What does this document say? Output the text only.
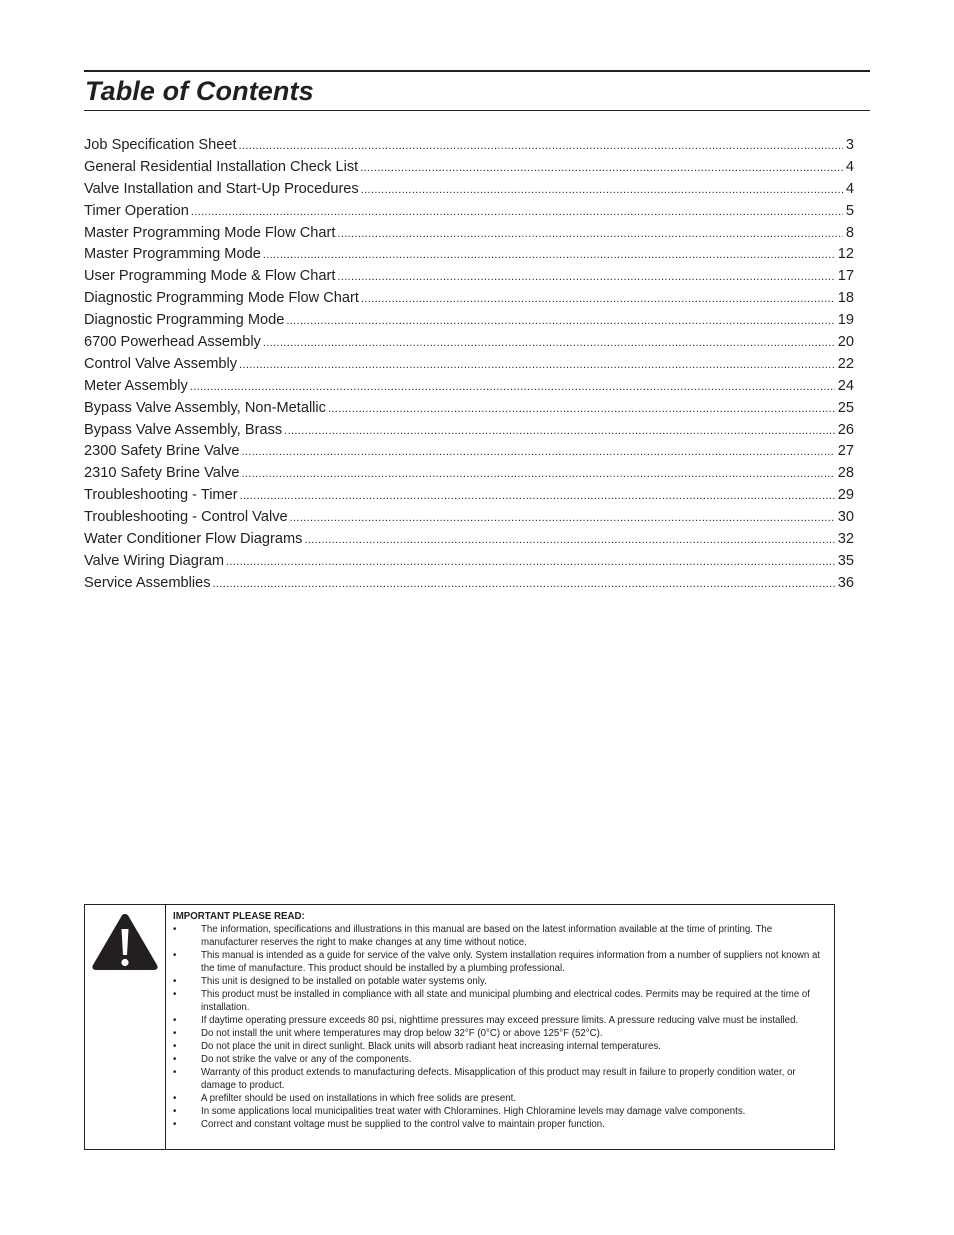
Table of Contents
Job Specification Sheet .....	3
General Residential Installation Check List .....	4
Valve Installation and Start-Up Procedures .....	4
Timer Operation .....	5
Master Programming Mode Flow Chart .....	8
Master Programming Mode .....	12
User Programming Mode & Flow Chart .....	17
Diagnostic Programming Mode Flow Chart .....	18
Diagnostic Programming Mode .....	19
6700 Powerhead Assembly .....	20
Control Valve Assembly .....	22
Meter Assembly .....	24
Bypass Valve Assembly, Non-Metallic .....	25
Bypass Valve Assembly, Brass .....	26
2300 Safety Brine Valve .....	27
2310 Safety Brine Valve .....	28
Troubleshooting - Timer .....	29
Troubleshooting - Control Valve .....	30
Water Conditioner Flow Diagrams .....	32
Valve Wiring Diagram .....	35
Service Assemblies .....	36
IMPORTANT PLEASE READ:
•	The information, specifications and illustrations in this manual are based on the latest information available at the time of printing. The manufacturer reserves the right to make changes at any time without notice.
•	This manual is intended as a guide for service of the valve only. System installation requires information from a number of suppliers not known at the time of manufacture. This product should be installed by a plumbing professional.
•	This unit is designed to be installed on potable water systems only.
•	This product must be installed in compliance with all state and municipal plumbing and electrical codes. Permits may be required at the time of installation.
•	If daytime operating pressure exceeds 80 psi, nighttime pressures may exceed pressure limits. A pressure reducing valve must be installed.
•	Do not install the unit where temperatures may drop below 32°F (0°C) or above 125°F (52°C).
•	Do not place the unit in direct sunlight. Black units will absorb radiant heat increasing internal temperatures.
•	Do not strike the valve or any of the components.
•	Warranty of this product extends to manufacturing defects. Misapplication of this product may result in failure to properly condition water, or damage to product.
•	A prefilter should be used on installations in which free solids are present.
•	In some applications local municipalities treat water with Chloramines. High Chloramine levels may damage valve components.
•	Correct and constant voltage must be supplied to the control valve to maintain proper function.
